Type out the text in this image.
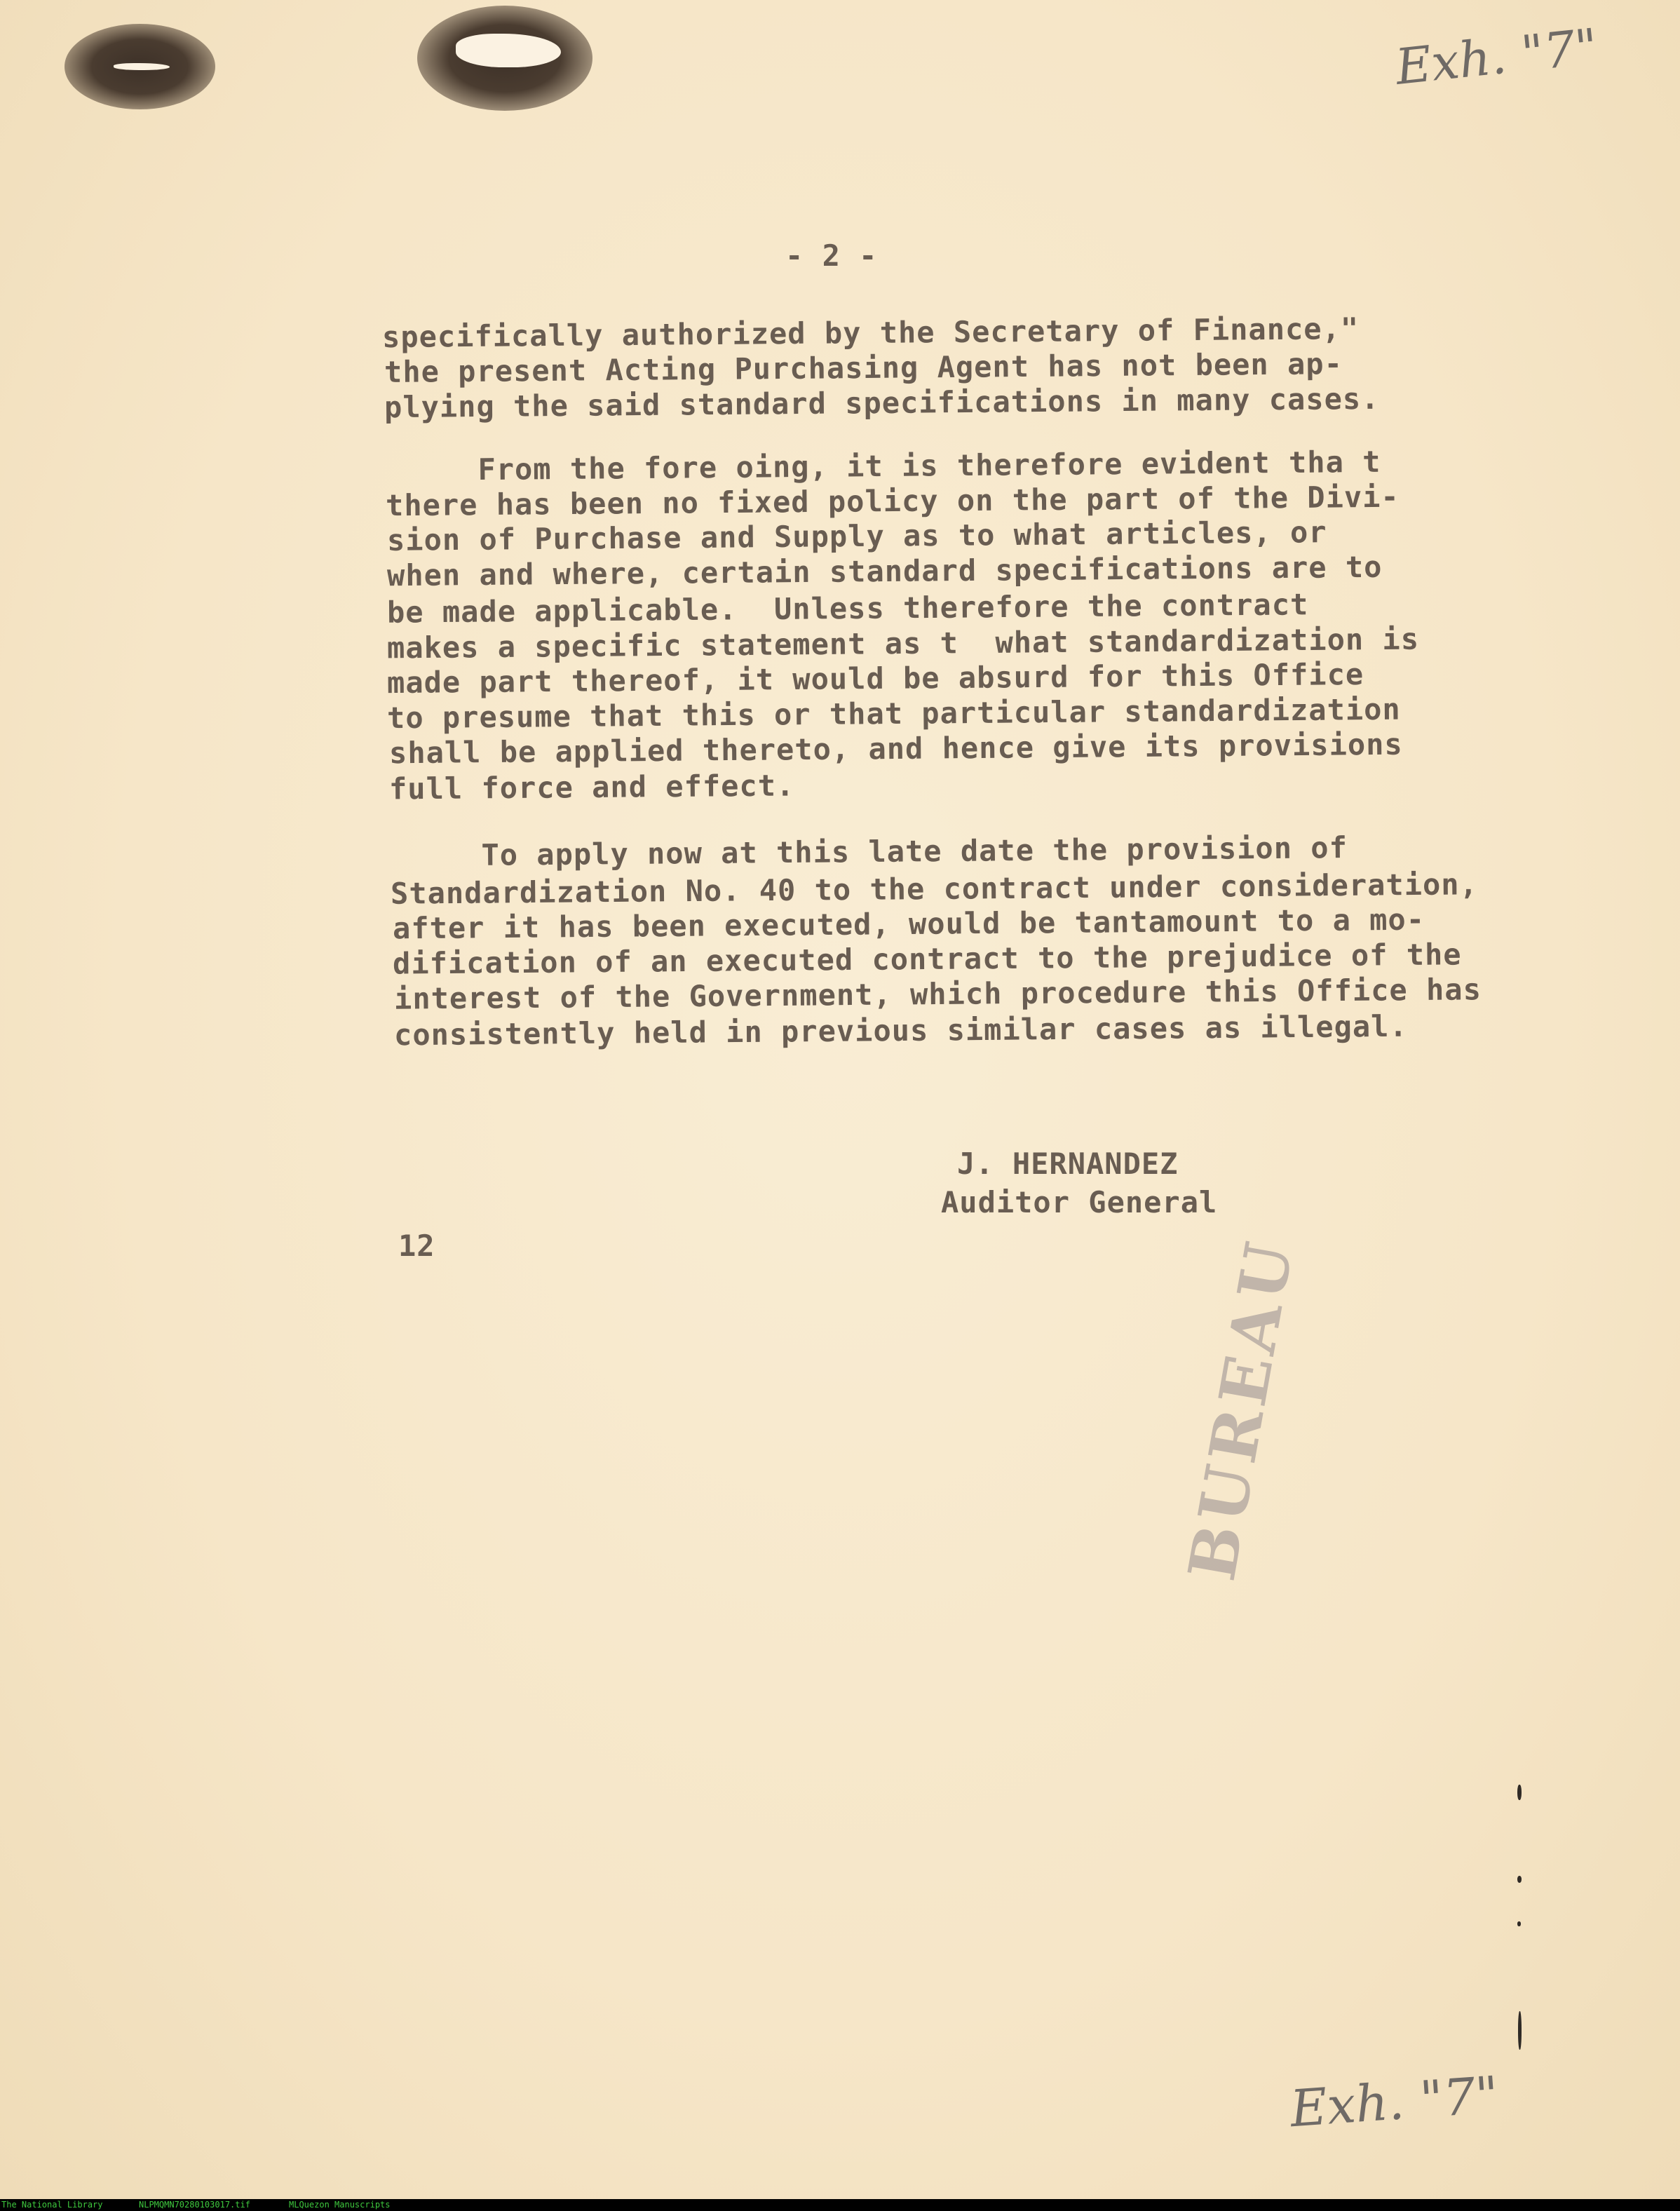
Exh. "7"
- 2 -
specifically authorized by the Secretary of Finance,"
the present Acting Purchasing Agent has not been ap-
plying the said standard specifications in many cases.
From the fore oing, it is therefore evident tha t
there has been no fixed policy on the part of the Divi-
sion of Purchase and Supply as to what articles, or
when and where, certain standard specifications are to
be made applicable.  Unless therefore the contract
makes a specific statement as t  what standardization is
made part thereof, it would be absurd for this Office
to presume that this or that particular standardization
shall be applied thereto, and hence give its provisions
full force and effect.
To apply now at this late date the provision of
Standardization No. 40 to the contract under consideration,
after it has been executed, would be tantamount to a mo-
dification of an executed contract to the prejudice of the
interest of the Government, which procedure this Office has
consistently held in previous similar cases as illegal.
J. HERNANDEZ
Auditor General
12	BUREAU
Exh. "7"
The National Library	NLPMQMN70280103017.tif	MLQuezon Manuscripts
